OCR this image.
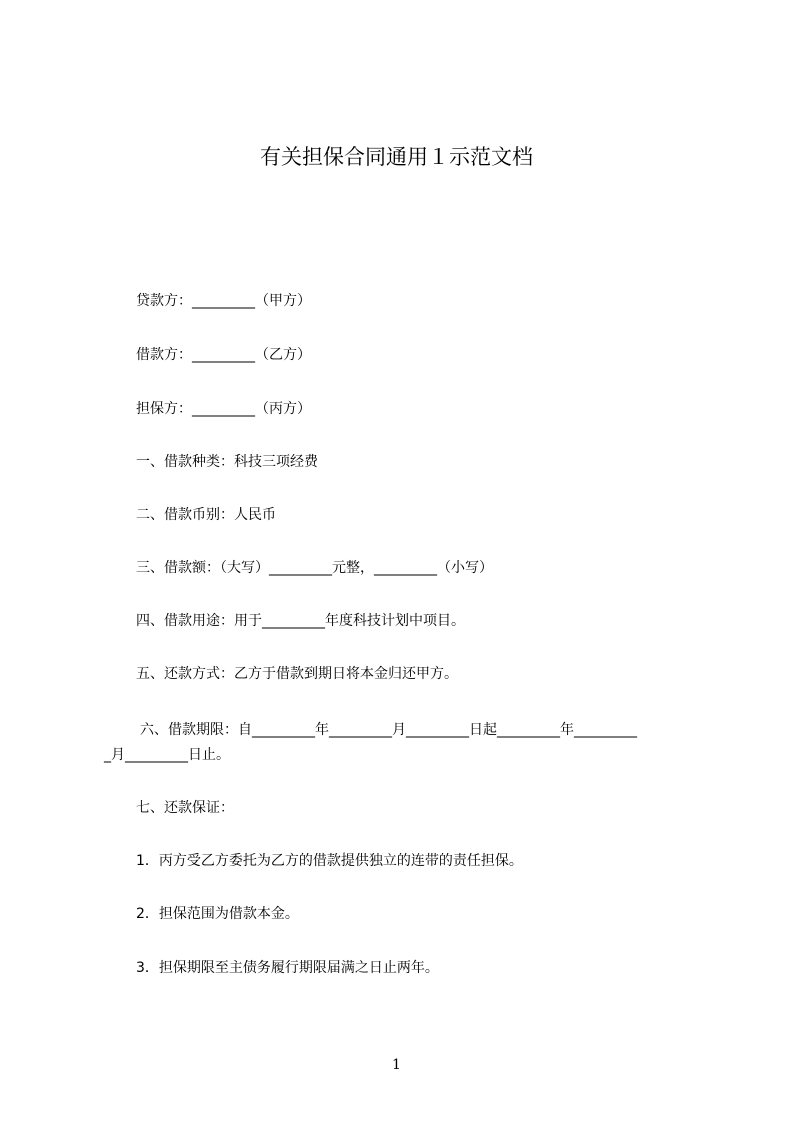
有关担保合同通用１示范文档
贷款方：_________（甲方）
借款方：_________（乙方）
担保方：_________（丙方）
一、借款种类：科技三项经费
二、借款币别：人民币
三、借款额：（大写）_________元整，_________（小写）
四、借款用途：用于_________年度科技计划中项目。
五、还款方式：乙方于借款到期日将本金归还甲方。
六、借款期限：自_________年_________月_________日起_________年_________
_月_________日止。
七、还款保证：
1．丙方受乙方委托为乙方的借款提供独立的连带的责任担保。
2．担保范围为借款本金。
3．担保期限至主债务履行期限届满之日止两年。
1
